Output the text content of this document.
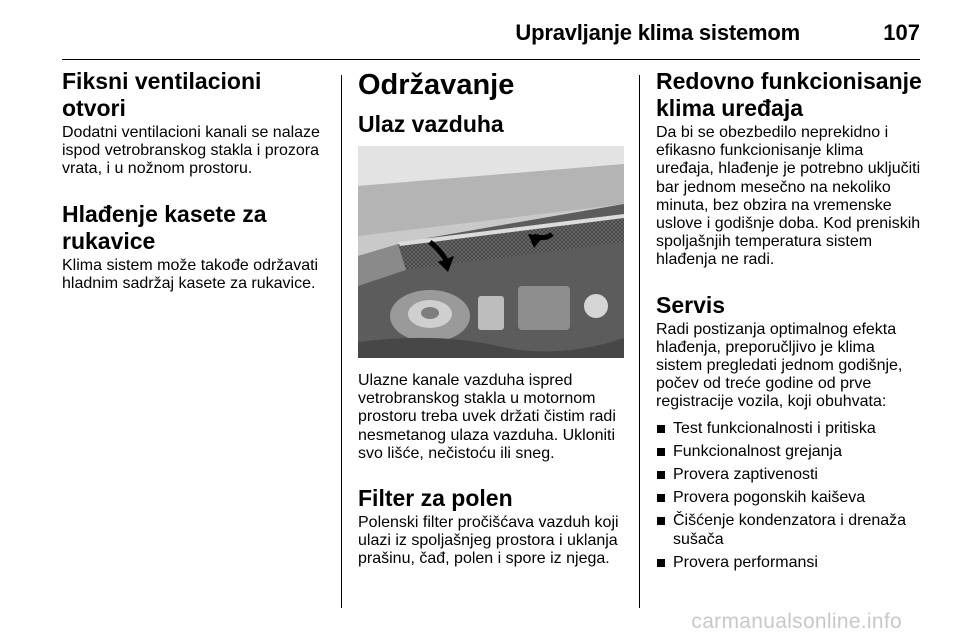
Upravljanje klima sistemom	107
Fiksni ventilacioni otvori

Dodatni ventilacioni kanali se nalaze ispod vetrobranskog stakla i prozora vrata, i u nožnom prostoru.

Hlađenje kasete za rukavice

Klima sistem može takođe održavati hladnim sadržaj kasete za rukavice.

Održavanje
Ulaz vazduha

Ulazne kanale vazduha ispred vetrobranskog stakla u motornom prostoru treba uvek držati čistim radi nesmetanog ulaza vazduha. Ukloniti svo lišće, nečistoću ili sneg.

Filter za polen

Polenski filter pročišćava vazduh koji ulazi iz spoljašnjeg prostora i uklanja prašinu, čađ, polen i spore iz njega.

Redovno funkcionisanje klima uređaja

Da bi se obezbedilo neprekidno i efikasno funkcionisanje klima uređaja, hlađenje je potrebno uključiti bar jednom mesečno na nekoliko minuta, bez obzira na vremenske uslove i godišnje doba. Kod preniskih spoljašnjih temperatura sistem hlađenja ne radi.

Servis

Radi postizanja optimalnog efekta hlađenja, preporučljivo je klima sistem pregledati jednom godišnje, počev od treće godine od prve registracije vozila, koji obuhvata:

Test funkcionalnosti i pritiska
Funkcionalnost grejanja
Provera zaptivenosti
Provera pogonskih kaiševa
Čišćenje kondenzatora i drenaža sušača
Provera performansi
carmanualsonline.info
